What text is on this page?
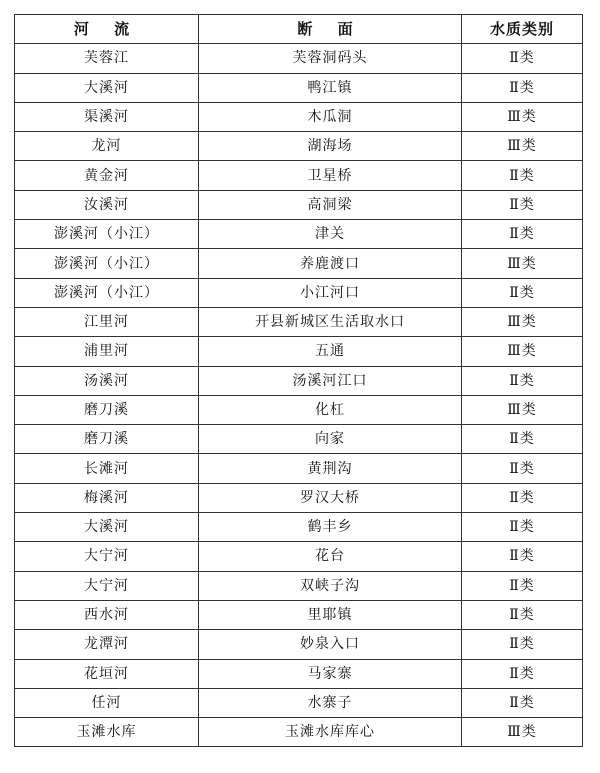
河 流	断 面	水质类别
芙蓉江	芙蓉洞码头	Ⅱ类
大溪河	鸭江镇	Ⅱ类
渠溪河	木瓜洞	Ⅲ类
龙河	湖海场	Ⅲ类
黄金河	卫星桥	Ⅱ类
汝溪河	高洞梁	Ⅱ类
澎溪河（小江）	津关	Ⅱ类
澎溪河（小江）	养鹿渡口	Ⅲ类
澎溪河（小江）	小江河口	Ⅱ类
江里河	开县新城区生活取水口	Ⅲ类
浦里河	五通	Ⅲ类
汤溪河	汤溪河江口	Ⅱ类
磨刀溪	化杠	Ⅲ类
磨刀溪	向家	Ⅱ类
长滩河	黄荆沟	Ⅱ类
梅溪河	罗汉大桥	Ⅱ类
大溪河	鹤丰乡	Ⅱ类
大宁河	花台	Ⅱ类
大宁河	双峡子沟	Ⅱ类
西水河	里耶镇	Ⅱ类
龙潭河	妙泉入口	Ⅱ类
花垣河	马家寨	Ⅱ类
任河	水寨子	Ⅱ类
玉滩水库	玉滩水库库心	Ⅲ类
